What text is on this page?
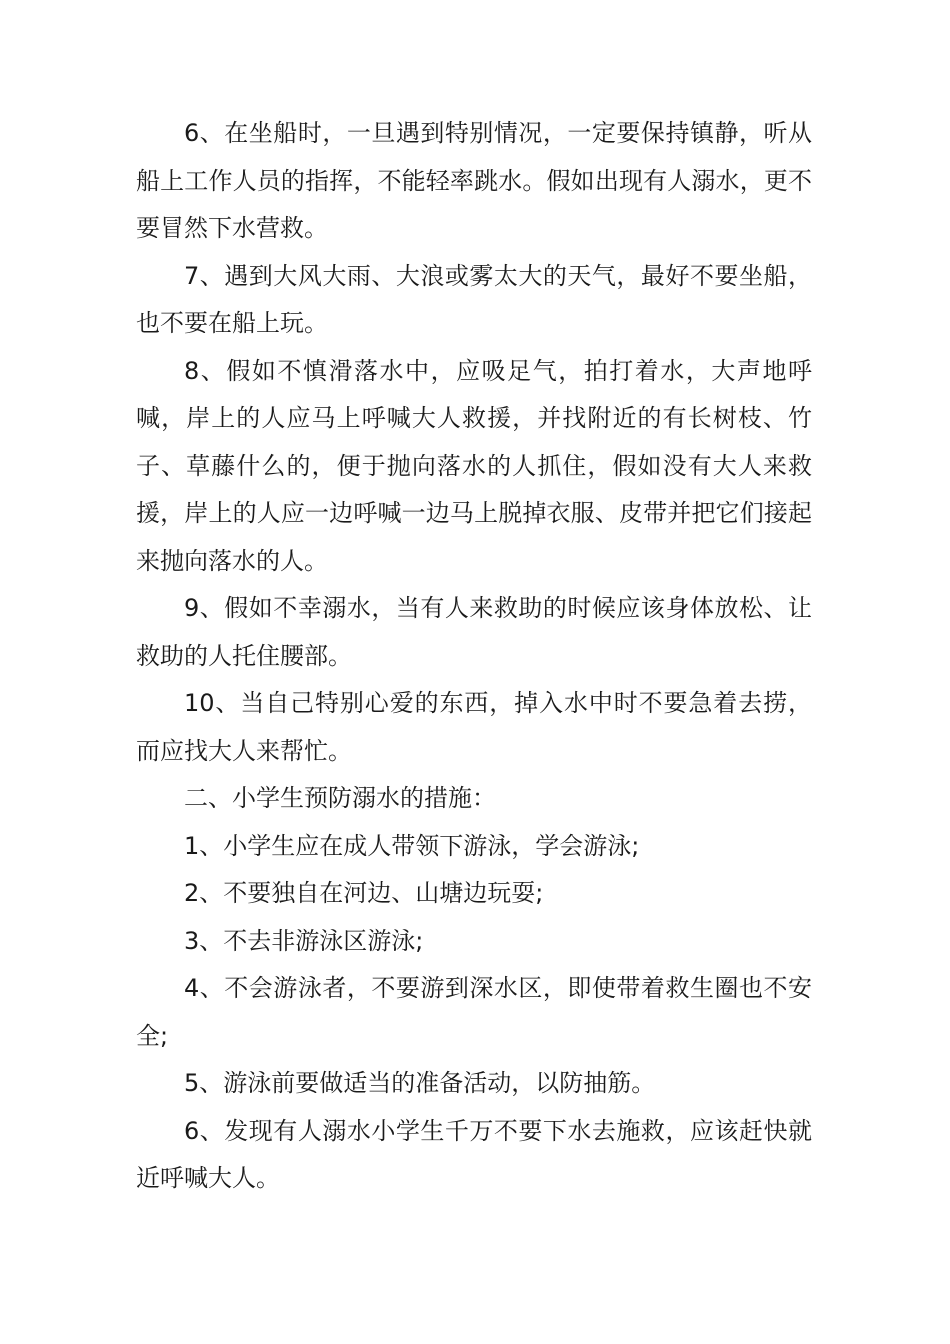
6、在坐船时，一旦遇到特别情况，一定要保持镇静，听从船上工作人员的指挥，不能轻率跳水。假如出现有人溺水，更不要冒然下水营救。

7、遇到大风大雨、大浪或雾太大的天气，最好不要坐船，也不要在船上玩。

8、假如不慎滑落水中，应吸足气，拍打着水，大声地呼喊，岸上的人应马上呼喊大人救援，并找附近的有长树枝、竹子、草藤什么的，便于抛向落水的人抓住，假如没有大人来救援，岸上的人应一边呼喊一边马上脱掉衣服、皮带并把它们接起来抛向落水的人。

9、假如不幸溺水，当有人来救助的时候应该身体放松、让救助的人托住腰部。

10、当自己特别心爱的东西，掉入水中时不要急着去捞，而应找大人来帮忙。

二、小学生预防溺水的措施：

1、小学生应在成人带领下游泳，学会游泳;

2、不要独自在河边、山塘边玩耍;

3、不去非游泳区游泳;

4、不会游泳者，不要游到深水区，即使带着救生圈也不安全;

5、游泳前要做适当的准备活动，以防抽筋。

6、发现有人溺水小学生千万不要下水去施救，应该赶快就近呼喊大人。
